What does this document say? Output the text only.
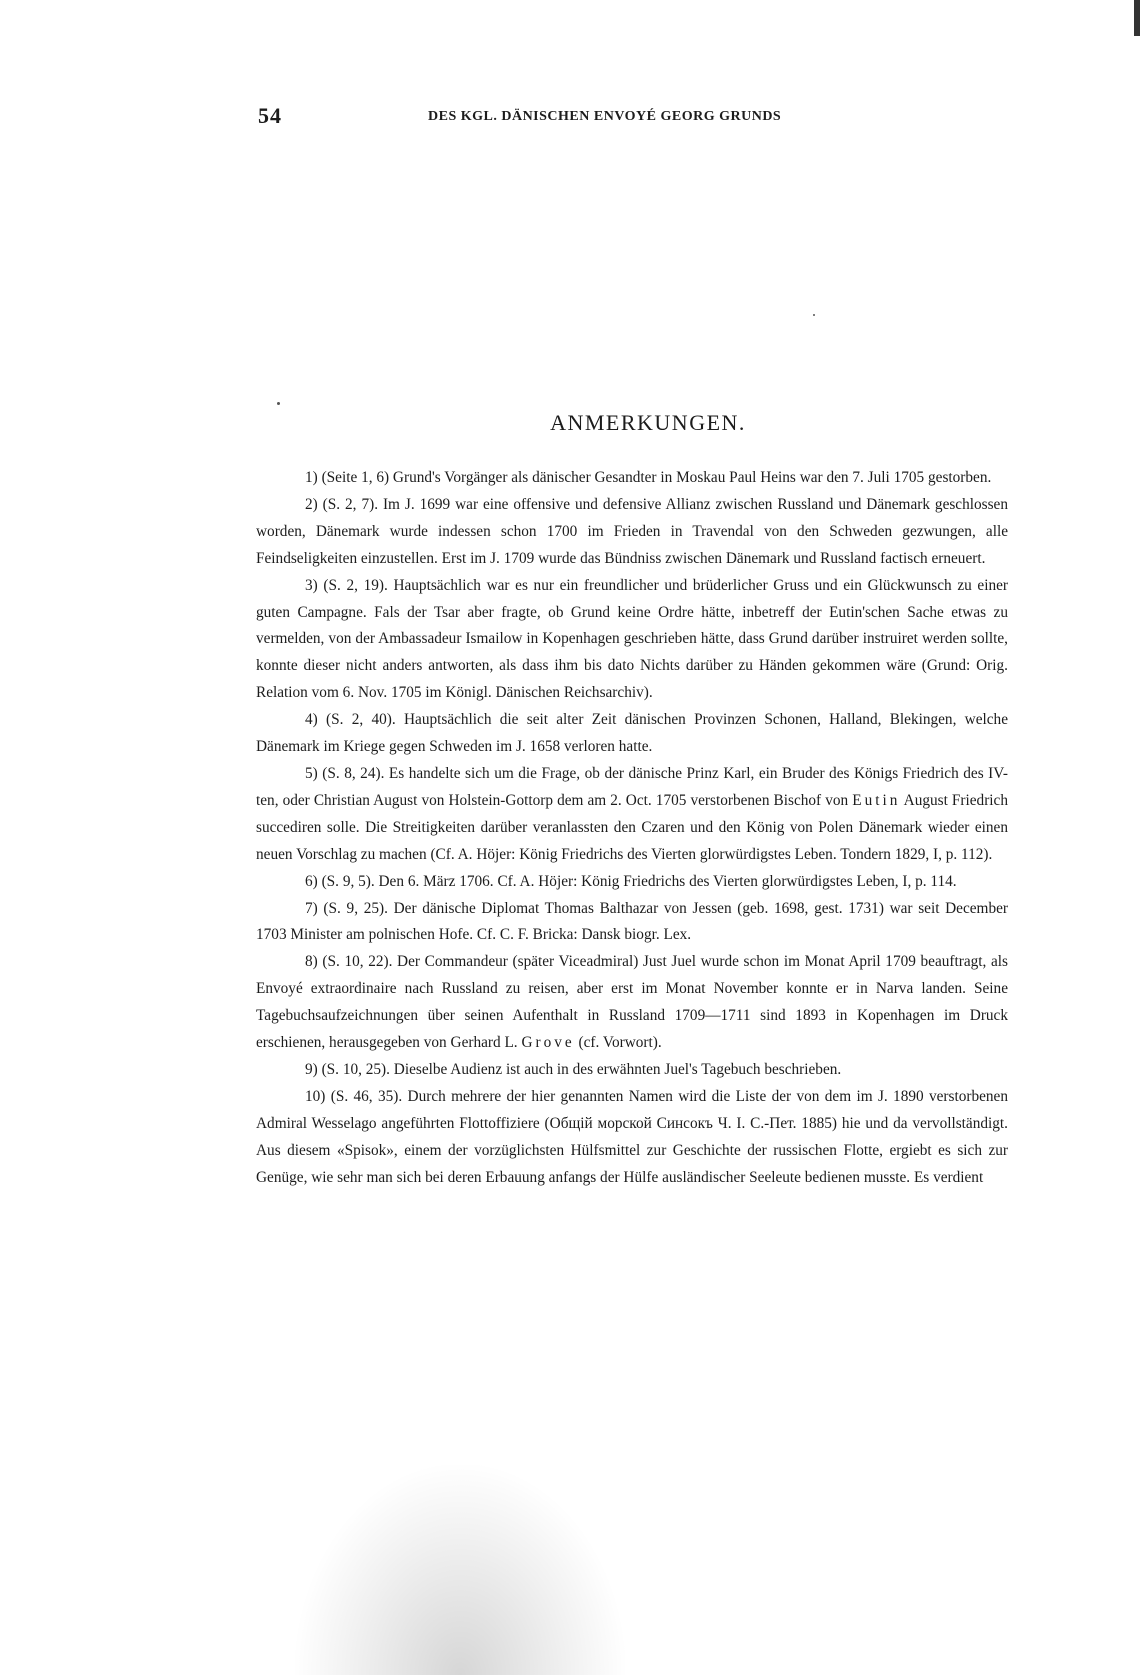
54	DES KGL. DÄNISCHEN ENVOYÉ GEORG GRUNDS
ANMERKUNGEN.

1) (Seite 1, 6) Grund's Vorgänger als dänischer Gesandter in Moskau Paul Heins war den 7. Juli 1705 gestorben.

2) (S. 2, 7). Im J. 1699 war eine offensive und defensive Allianz zwischen Russland und Dänemark geschlossen worden, Dänemark wurde indessen schon 1700 im Frieden in Travendal von den Schweden gezwungen, alle Feindseligkeiten einzustellen. Erst im J. 1709 wurde das Bündniss zwischen Dänemark und Russland factisch erneuert.

3) (S. 2, 19). Hauptsächlich war es nur ein freundlicher und brüderlicher Gruss und ein Glückwunsch zu einer guten Campagne. Fals der Tsar aber fragte, ob Grund keine Ordre hätte, inbetreff der Eutin'schen Sache etwas zu vermelden, von der Ambassadeur Ismailow in Kopenhagen geschrieben hätte, dass Grund darüber instruiret werden sollte, konnte dieser nicht anders antworten, als dass ihm bis dato Nichts darüber zu Händen gekommen wäre (Grund: Orig. Relation vom 6. Nov. 1705 im Königl. Dänischen Reichsarchiv).

4) (S. 2, 40). Hauptsächlich die seit alter Zeit dänischen Provinzen Schonen, Halland, Blekingen, welche Dänemark im Kriege gegen Schweden im J. 1658 verloren hatte.

5) (S. 8, 24). Es handelte sich um die Frage, ob der dänische Prinz Karl, ein Bruder des Königs Friedrich des IV-ten, oder Christian August von Holstein-Gottorp dem am 2. Oct. 1705 verstorbenen Bischof von Eutin August Friedrich succediren solle. Die Streitigkeiten darüber veranlassten den Czaren und den König von Polen Dänemark wieder einen neuen Vorschlag zu machen (Cf. A. Höjer: König Friedrichs des Vierten glorwürdigstes Leben. Tondern 1829, I, p. 112).

6) (S. 9, 5). Den 6. März 1706. Cf. A. Höjer: König Friedrichs des Vierten glorwürdigstes Leben, I, p. 114.

7) (S. 9, 25). Der dänische Diplomat Thomas Balthazar von Jessen (geb. 1698, gest. 1731) war seit December 1703 Minister am polnischen Hofe. Cf. C. F. Bricka: Dansk biogr. Lex.

8) (S. 10, 22). Der Commandeur (später Viceadmiral) Just Juel wurde schon im Monat April 1709 beauftragt, als Envoyé extraordinaire nach Russland zu reisen, aber erst im Monat November konnte er in Narva landen. Seine Tagebuchsaufzeichnungen über seinen Aufenthalt in Russland 1709—1711 sind 1893 in Kopenhagen im Druck erschienen, herausgegeben von Gerhard L. Grove (cf. Vorwort).

9) (S. 10, 25). Dieselbe Audienz ist auch in des erwähnten Juel's Tagebuch beschrieben.

10) (S. 46, 35). Durch mehrere der hier genannten Namen wird die Liste der von dem im J. 1890 verstorbenen Admiral Wesselago angeführten Flottoffiziere (Общій морской Синсокъ Ч. I. С.-Пет. 1885) hie und da vervollständigt. Aus diesem «Spisok», einem der vorzüglichsten Hülfsmittel zur Geschichte der russischen Flotte, ergiebt es sich zur Genüge, wie sehr man sich bei deren Erbauung anfangs der Hülfe ausländischer Seeleute bedienen musste. Es verdient
